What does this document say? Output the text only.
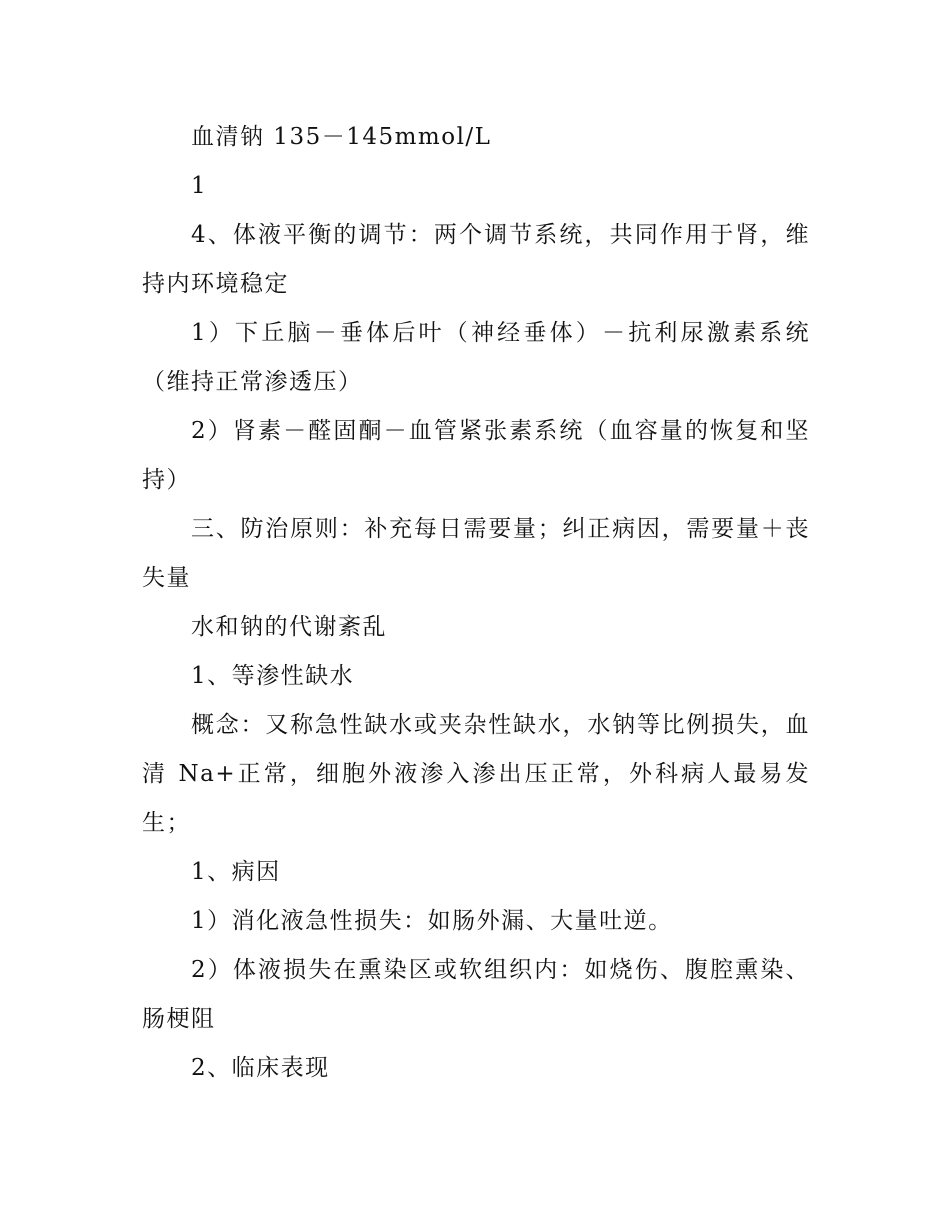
血清钠 135－145mmol/L

1

4、体液平衡的调节：两个调节系统，共同作用于肾，维持内环境稳定

1）下丘脑－垂体后叶（神经垂体）－抗利尿激素系统（维持正常渗透压）

2）肾素－醛固酮－血管紧张素系统（血容量的恢复和坚持）

三、防治原则：补充每日需要量；纠正病因，需要量＋丧失量

水和钠的代谢紊乱

1、等渗性缺水

概念：又称急性缺水或夹杂性缺水，水钠等比例损失，血清 Na+正常，细胞外液渗入渗出压正常，外科病人最易发生；

1、病因

1）消化液急性损失：如肠外漏、大量吐逆。

2）体液损失在熏染区或软组织内：如烧伤、腹腔熏染、肠梗阻

2、临床表现
